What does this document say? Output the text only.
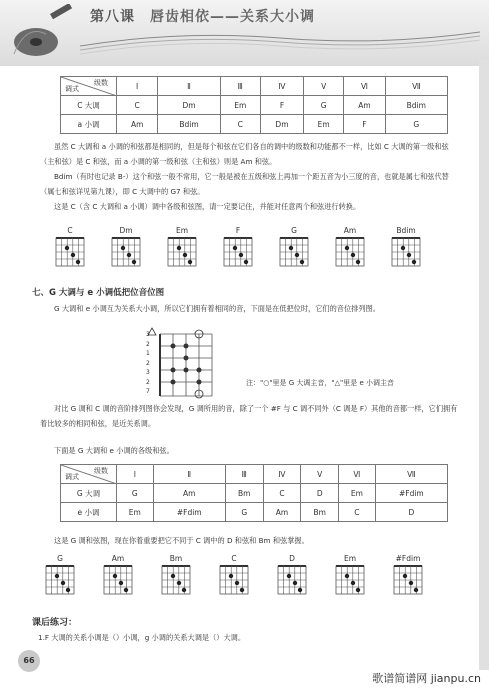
第八课 唇齿相依——关系大小调
级数
调式	Ⅰ	Ⅱ	Ⅲ	Ⅳ	Ⅴ	Ⅵ	Ⅶ
C 大调	C	Dm	Em	F	G	Am	Bdim
a 小调	Am	Bdim	C	Dm	Em	F	G
虽然 C 大调和 a 小调的和弦都是相同的，但是每个和弦在它们各自的调中的级数和功能都不一样，比如 C 大调的第一级和弦（主和弦）是 C 和弦，而 a 小调的第一级和弦（主和弦）则是 Am 和弦。
Bdim（有时也记录 B-）这个和弦一般不常用，它一般是被在五级和弦上再加一个距五音为小三度的音，也就是属七和弦代替（属七和弦详见第九课），即 C 大调中的 G7 和弦。
这是 C（含 C 大调和 a 小调）调中各级和弦图，请一定要记住，并能对任意两个和弦进行转换。
C	Dm	Em	F	G	Am	Bdim
七、G 大调与 e 小调低把位音位图
G 大调和 e 小调互为关系大小调，所以它们拥有着相同的音，下面是在低把位时，它们的音位排列图。
3
2
1
2
3
2
7
注："○"里是 G 大调主音，"△"里是 e 小调主音
对比 G 调和 C 调的音阶排列图你会发现，G 调所用的音，除了一个 #F 与 C 调不同外（C 调是 F）其他的音都一样，它们拥有着比较多的相同和弦，是近关系调。
下面是 G 大调和 e 小调的各级和弦。
级数
调式	Ⅰ	Ⅱ	Ⅲ	Ⅳ	Ⅴ	Ⅵ	Ⅶ
G 大调	G	Am	Bm	C	D	Em	#Fdim
e 小调	Em	#Fdim	G	Am	Bm	C	D
这是 G 调和弦图，现在你着重要把它不同于 C 调中的 D 和弦和 Bm 和弦掌握。
G	Am	Bm	C	D	Em	#Fdim
课后练习：
1.F 大调的关系小调是（）小调，g 小调的关系大调是（）大调。
66
歌谱简谱网 jianpu.cn
